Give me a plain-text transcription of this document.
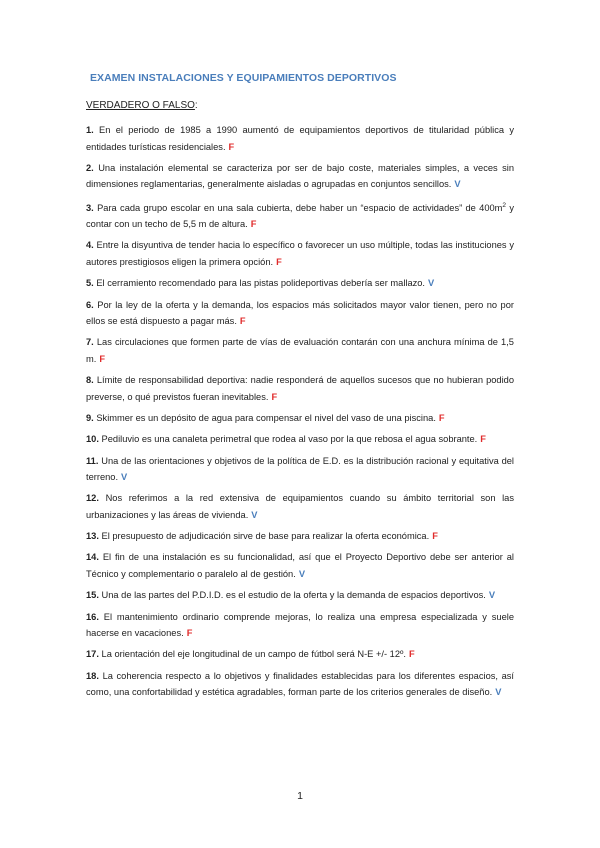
EXAMEN INSTALACIONES Y EQUIPAMIENTOS DEPORTIVOS
VERDADERO O FALSO:

1. En el periodo de 1985 a 1990 aumentó de equipamientos deportivos de titularidad pública y entidades turísticas residenciales. F

2. Una instalación elemental se caracteriza por ser de bajo coste, materiales simples, a veces sin dimensiones reglamentarias, generalmente aisladas o agrupadas en conjuntos sencillos. V

3. Para cada grupo escolar en una sala cubierta, debe haber un “espacio de actividades” de $400m^2$ y contar con un techo de 5,5 m de altura. F

4. Entre la disyuntiva de tender hacia lo específico o favorecer un uso múltiple, todas las instituciones y autores prestigiosos eligen la primera opción. F

5. El cerramiento recomendado para las pistas polideportivas debería ser mallazo. V

6. Por la ley de la oferta y la demanda, los espacios más solicitados mayor valor tienen, pero no por ellos se está dispuesto a pagar más. F

7. Las circulaciones que formen parte de vías de evaluación contarán con una anchura mínima de 1,5 m. F

8. Límite de responsabilidad deportiva: nadie responderá de aquellos sucesos que no hubieran podido preverse, o qué previstos fueran inevitables. F

9. Skimmer es un depósito de agua para compensar el nivel del vaso de una piscina. F

10. Pediluvio es una canaleta perimetral que rodea al vaso por la que rebosa el agua sobrante. F

11. Una de las orientaciones y objetivos de la política de E.D. es la distribución racional y equitativa del terreno. V

12. Nos referimos a la red extensiva de equipamientos cuando su ámbito territorial son las urbanizaciones y las áreas de vivienda. V

13. El presupuesto de adjudicación sirve de base para realizar la oferta económica. F

14. El fin de una instalación es su funcionalidad, así que el Proyecto Deportivo debe ser anterior al Técnico y complementario o paralelo al de gestión. V

15. Una de las partes del P.D.I.D. es el estudio de la oferta y la demanda de espacios deportivos. V

16. El mantenimiento ordinario comprende mejoras, lo realiza una empresa especializada y suele hacerse en vacaciones. F

17. La orientación del eje longitudinal de un campo de fútbol será N-E +/- 12º. F

18. La coherencia respecto a lo objetivos y finalidades establecidas para los diferentes espacios, así como, una confortabilidad y estética agradables, forman parte de los criterios generales de diseño. V

1
